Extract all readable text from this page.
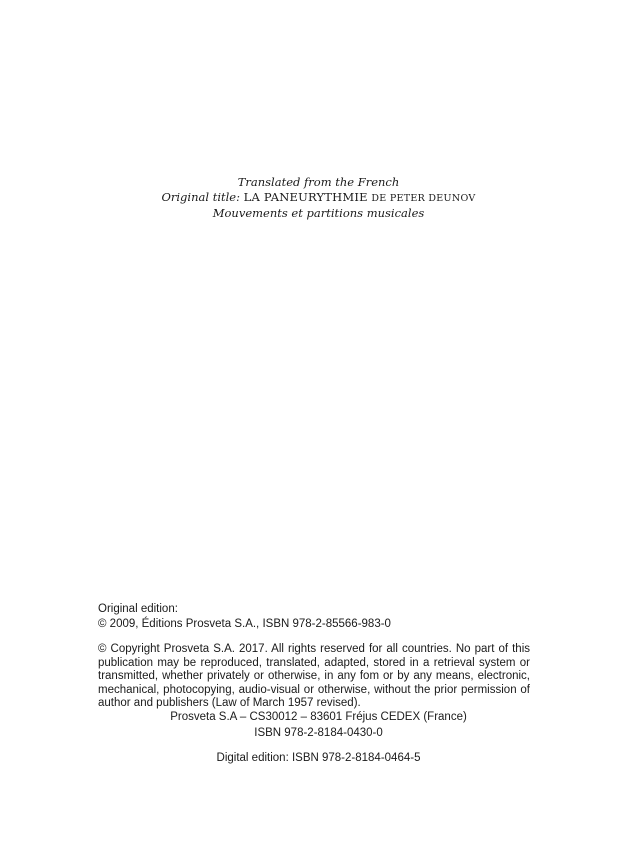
Translated from the French
Original title: LA PANEURYTHMIE DE PETER DEUNOV
Mouvements et partitions musicales
Original edition:
© 2009, Éditions Prosveta S.A., ISBN 978-2-85566-983-0
© Copyright Prosveta S.A. 2017. All rights reserved for all countries. No part of this publication may be reproduced, translated, adapted, stored in a retrieval system or transmitted, whether privately or otherwise, in any fom or by any means, electronic, mechanical, photocopying, audio-visual or otherwise, without the prior permission of author and publishers (Law of March 1957 revised).
Prosveta S.A – CS30012 – 83601 Fréjus CEDEX (France)
ISBN 978-2-8184-0430-0
Digital edition: ISBN 978-2-8184-0464-5
